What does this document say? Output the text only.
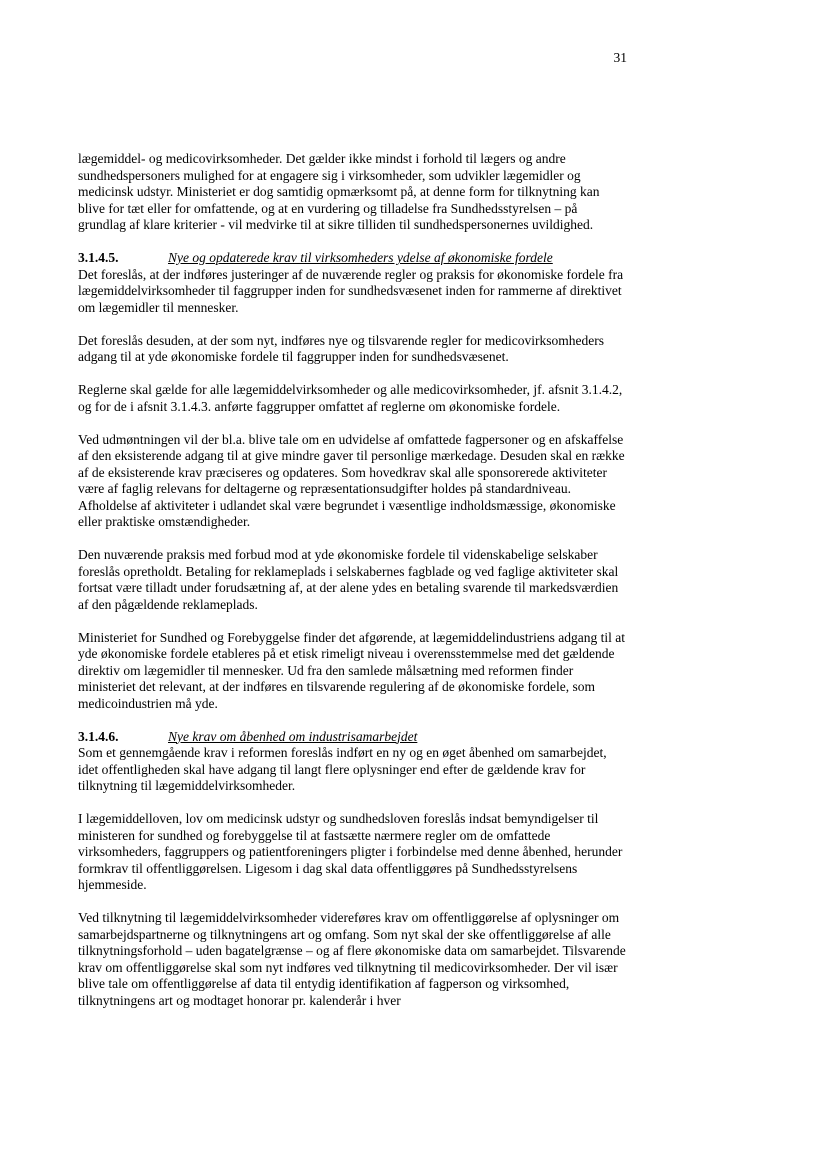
31

lægemiddel- og medicovirksomheder. Det gælder ikke mindst i forhold til lægers og andre sundhedspersoners mulighed for at engagere sig i virksomheder, som udvikler lægemidler og medicinsk udstyr. Ministeriet er dog samtidig opmærksomt på, at denne form for tilknytning kan blive for tæt eller for omfattende, og at en vurdering og tilladelse fra Sundhedsstyrelsen – på grundlag af klare kriterier - vil medvirke til at sikre tilliden til sundhedspersonernes uvildighed.

3.1.4.5.	Nye og opdaterede krav til virksomheders ydelse af økonomiske fordele

Det foreslås, at der indføres justeringer af de nuværende regler og praksis for økonomiske fordele fra lægemiddelvirksomheder til faggrupper inden for sundhedsvæsenet inden for rammerne af direktivet om lægemidler til mennesker.

Det foreslås desuden, at der som nyt, indføres nye og tilsvarende regler for medicovirksomheders adgang til at yde økonomiske fordele til faggrupper inden for sundhedsvæsenet.

Reglerne skal gælde for alle lægemiddelvirksomheder og alle medicovirksomheder, jf. afsnit 3.1.4.2, og for de i afsnit 3.1.4.3. anførte faggrupper omfattet af reglerne om økonomiske fordele.

Ved udmøntningen vil der bl.a. blive tale om en udvidelse af omfattede fagpersoner og en afskaffelse af den eksisterende adgang til at give mindre gaver til personlige mærkedage. Desuden skal en række af de eksisterende krav præciseres og opdateres. Som hovedkrav skal alle sponsorerede aktiviteter være af faglig relevans for deltagerne og repræsentationsudgifter holdes på standardniveau. Afholdelse af aktiviteter i udlandet skal være begrundet i væsentlige indholdsmæssige, økonomiske eller praktiske omstændigheder.

Den nuværende praksis med forbud mod at yde økonomiske fordele til videnskabelige selskaber foreslås opretholdt. Betaling for reklameplads i selskabernes fagblade og ved faglige aktiviteter skal fortsat være tilladt under forudsætning af, at der alene ydes en betaling svarende til markedsværdien af den pågældende reklameplads.

Ministeriet for Sundhed og Forebyggelse finder det afgørende, at lægemiddelindustriens adgang til at yde økonomiske fordele etableres på et etisk rimeligt niveau i overensstemmelse med det gældende direktiv om lægemidler til mennesker. Ud fra den samlede målsætning med reformen finder ministeriet det relevant, at der indføres en tilsvarende regulering af de økonomiske fordele, som medicoindustrien må yde.

3.1.4.6.	Nye krav om åbenhed om industrisamarbejdet

Som et gennemgående krav i reformen foreslås indført en ny og en øget åbenhed om samarbejdet, idet offentligheden skal have adgang til langt flere oplysninger end efter de gældende krav for tilknytning til lægemiddelvirksomheder.

I lægemiddelloven, lov om medicinsk udstyr og sundhedsloven foreslås indsat bemyndigelser til ministeren for sundhed og forebyggelse til at fastsætte nærmere regler om de omfattede virksomheders, faggruppers og patientforeningers pligter i forbindelse med denne åbenhed, herunder formkrav til offentliggørelsen. Ligesom i dag skal data offentliggøres på Sundhedsstyrelsens hjemmeside.

Ved tilknytning til lægemiddelvirksomheder videreføres krav om offentliggørelse af oplysninger om samarbejdspartnerne og tilknytningens art og omfang. Som nyt skal der ske offentliggørelse af alle tilknytningsforhold – uden bagatelgrænse – og af flere økonomiske data om samarbejdet. Tilsvarende krav om offentliggørelse skal som nyt indføres ved tilknytning til medicovirksomheder. Der vil især blive tale om offentliggørelse af data til entydig identifikation af fagperson og virksomhed, tilknytningens art og modtaget honorar pr. kalenderår i hver
